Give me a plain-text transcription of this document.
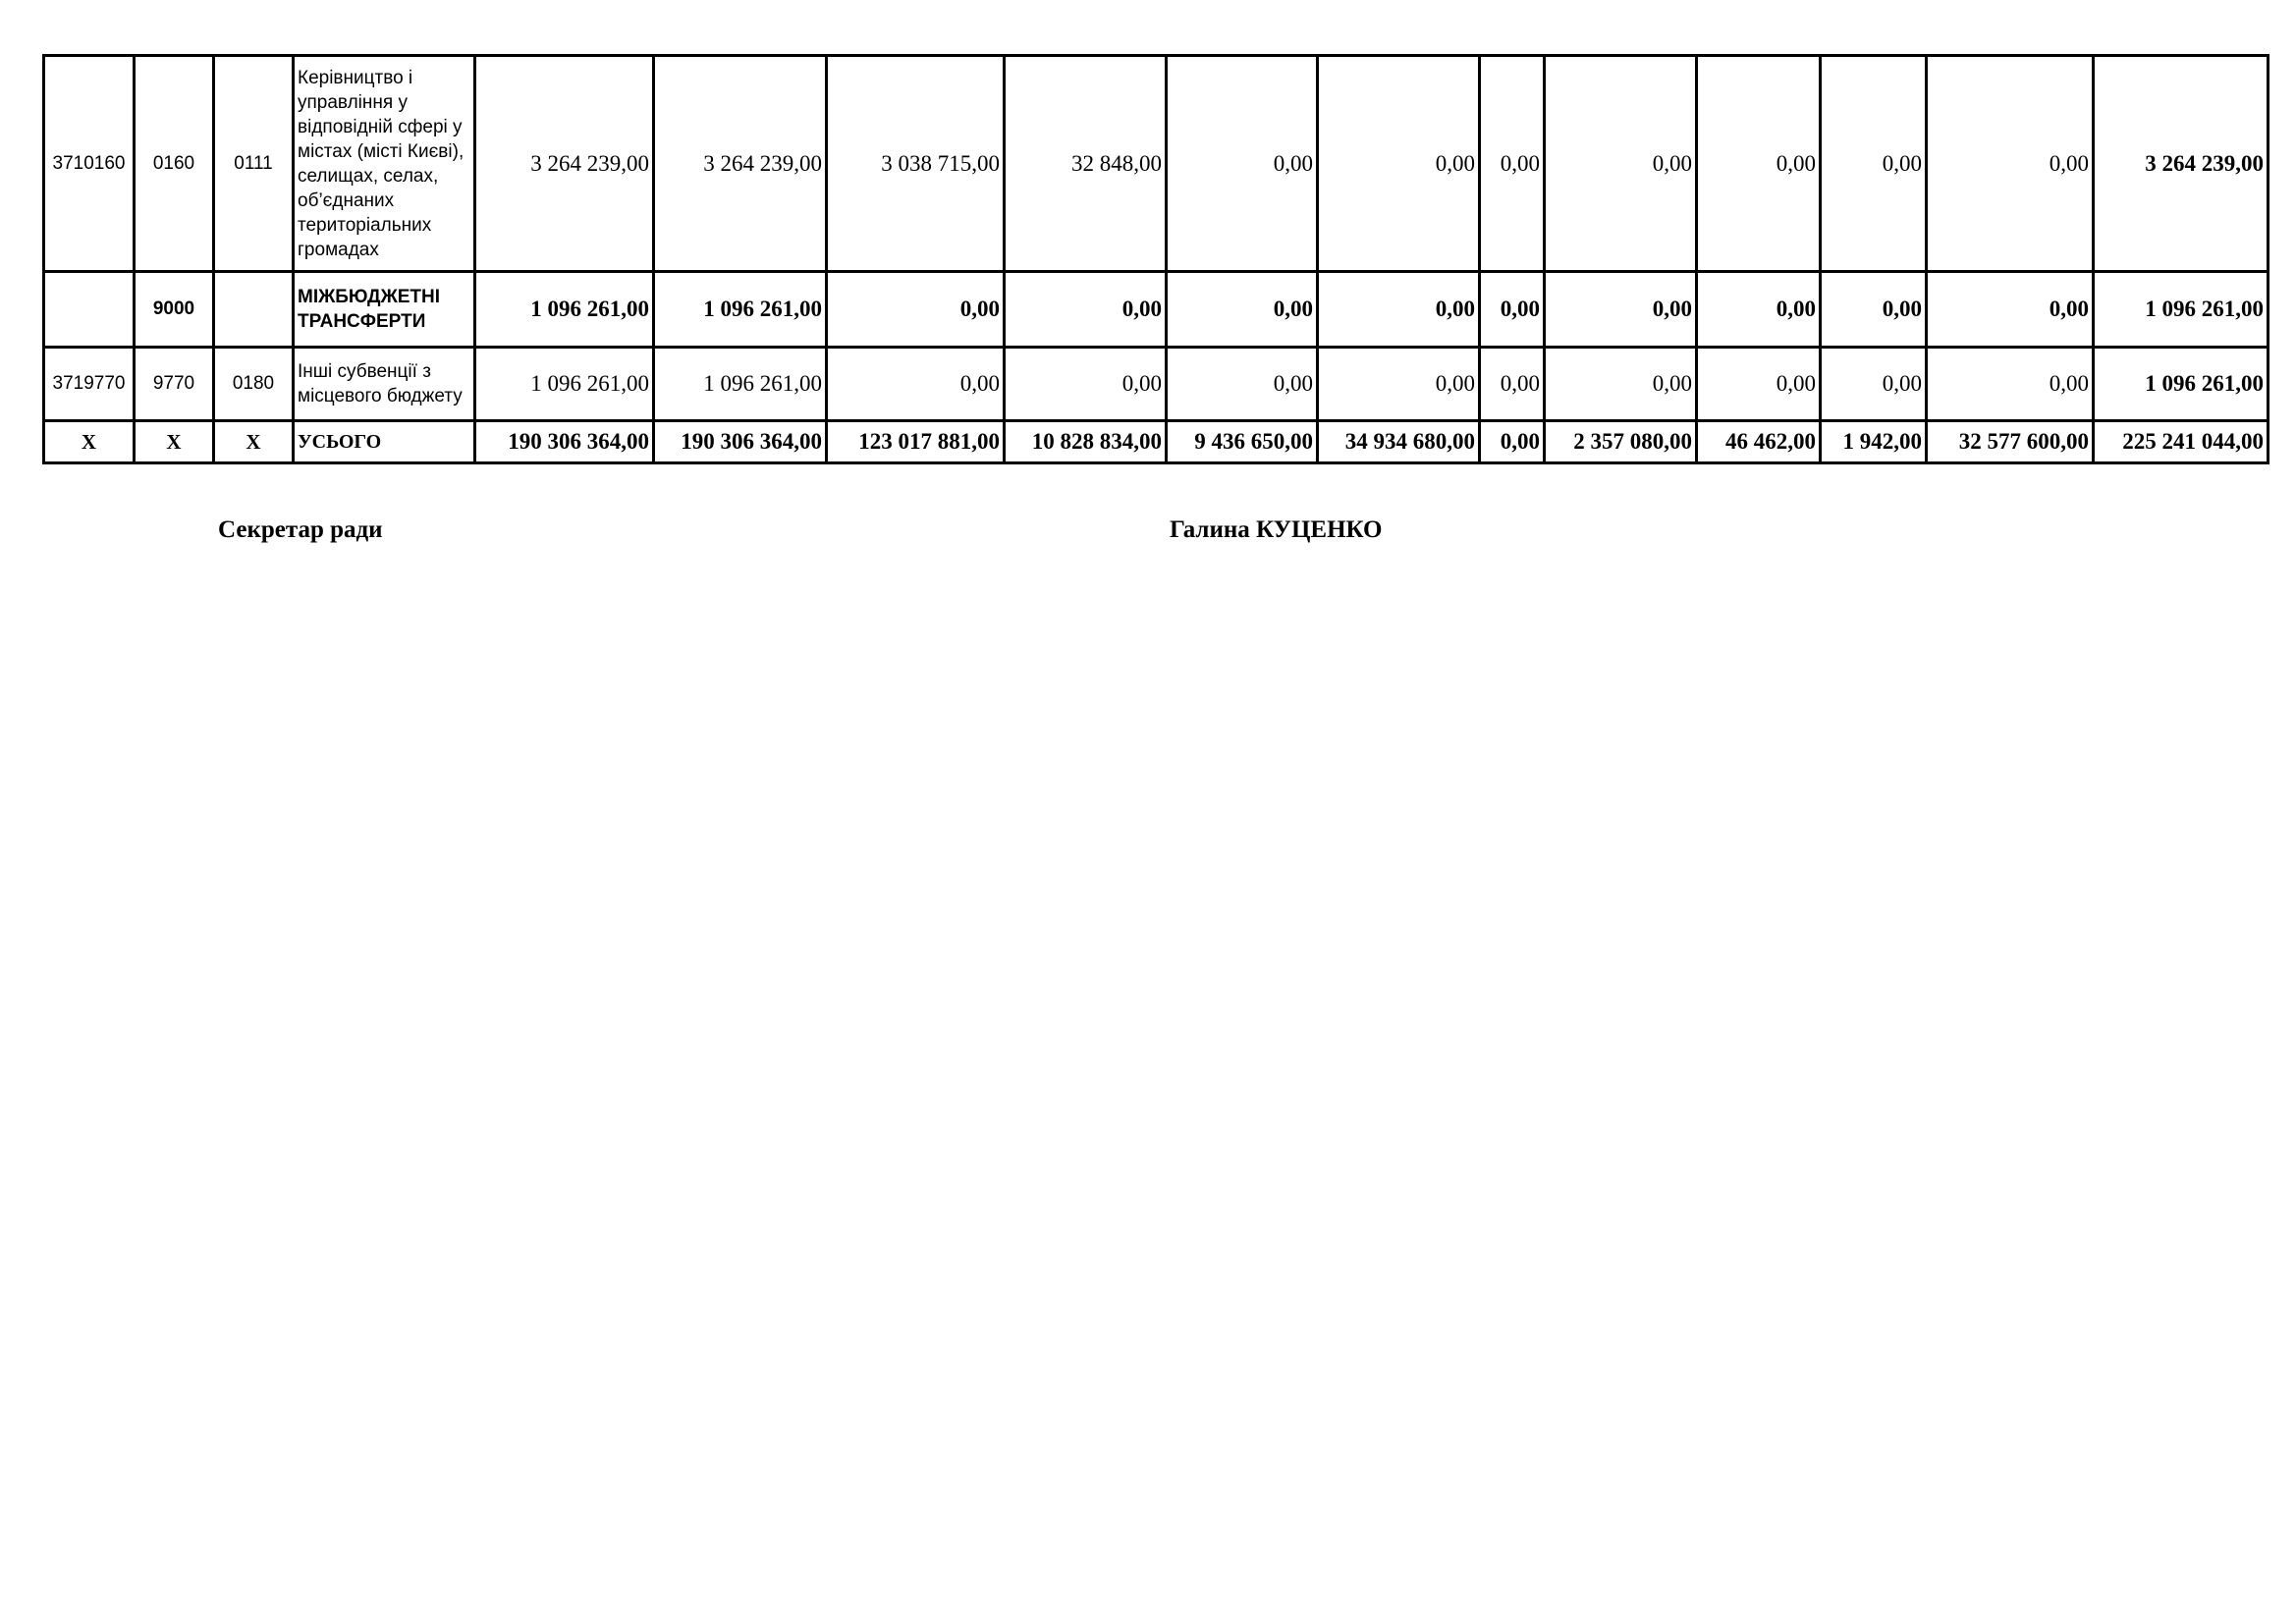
3710160	0160	0111	Керівництво і управління у відповідній сфері у містах (місті Києві), селищах, селах, об’єднаних територіальних громадах	3 264 239,00	3 264 239,00	3 038 715,00	32 848,00	0,00	0,00	0,00	0,00	0,00	0,00	0,00	3 264 239,00
	9000		МІЖБЮДЖЕТНІ ТРАНСФЕРТИ	1 096 261,00	1 096 261,00	0,00	0,00	0,00	0,00	0,00	0,00	0,00	0,00	0,00	1 096 261,00
3719770	9770	0180	Інші субвенції з місцевого бюджету	1 096 261,00	1 096 261,00	0,00	0,00	0,00	0,00	0,00	0,00	0,00	0,00	0,00	1 096 261,00
X	X	X	УСЬОГО	190 306 364,00	190 306 364,00	123 017 881,00	10 828 834,00	9 436 650,00	34 934 680,00	0,00	2 357 080,00	46 462,00	1 942,00	32 577 600,00	225 241 044,00
Секретар ради	Галина КУЦЕНКО
